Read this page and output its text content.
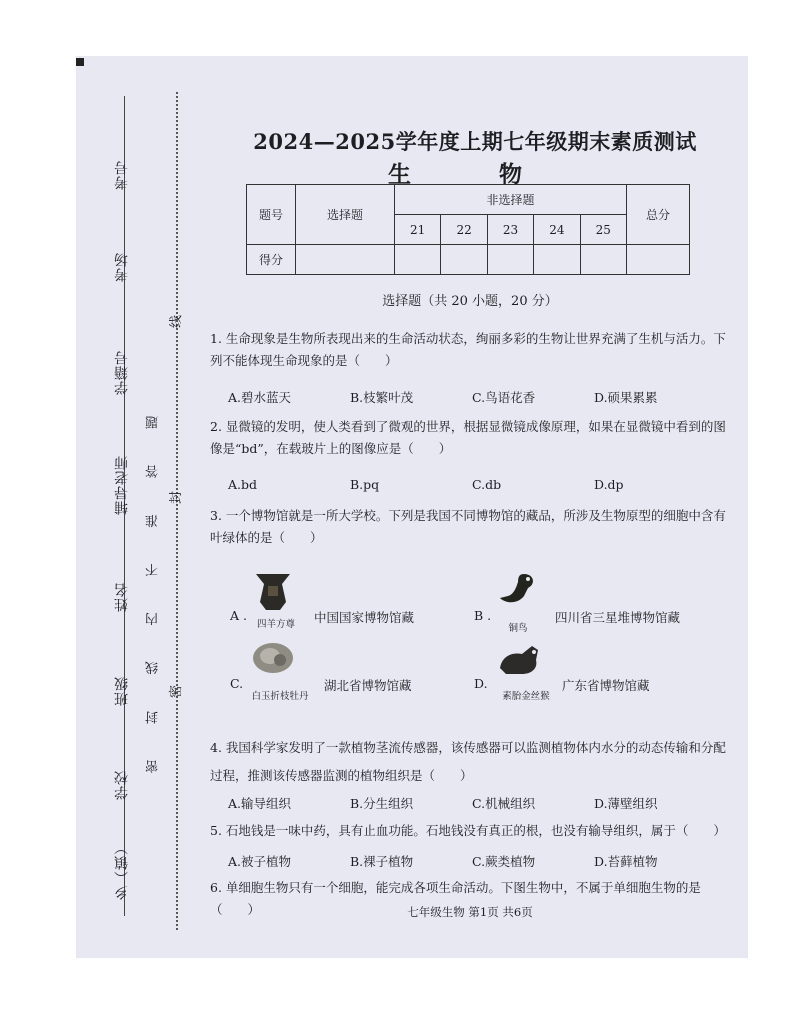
考号
考场
学籍号
辅导老师
姓名
班级
学校
乡（镇）
密 封 线 内 不 准 答 题
线
封
密
2024—2025学年度上期七年级期末素质测试
生 物
题号	选择题	非选择题					总分
		21	22	23	24	25	
得分							
选择题（共 20 小题，20 分）
1. 生命现象是生物所表现出来的生命活动状态，绚丽多彩的生物让世界充满了生机与活力。下列不能体现生命现象的是（　　）
A.碧水蓝天	B.枝繁叶茂	C.鸟语花香	D.硕果累累
2. 显微镜的发明，使人类看到了微观的世界，根据显微镜成像原理，如果在显微镜中看到的图像是“bd”，在载玻片上的图像应是（　　）
A.bd	B.pq	C.db	D.dp
3. 一个博物馆就是一所大学校。下列是我国不同博物馆的藏品，所涉及生物原型的细胞中含有叶绿体的是（　　）
A .
四羊方尊	中国国家博物馆藏	B .
铜鸟
四川省三星堆博物馆藏
C.
白玉折枝牡丹
湖北省博物馆藏	D.
素胎金丝猴
广东省博物馆藏
4. 我国科学家发明了一款植物茎流传感器，该传感器可以监测植物体内水分的动态传输和分配过程，推测该传感器监测的植物组织是（　　）
A.输导组织	B.分生组织	C.机械组织	D.薄壁组织
5. 石地钱是一味中药，具有止血功能。石地钱没有真正的根，也没有输导组织，属于（　　）
A.被子植物	B.裸子植物	C.蕨类植物	D.苔藓植物
6. 单细胞生物只有一个细胞，能完成各项生命活动。下图生物中，不属于单细胞生物的是（　　）	七年级生物 第1页 共6页
